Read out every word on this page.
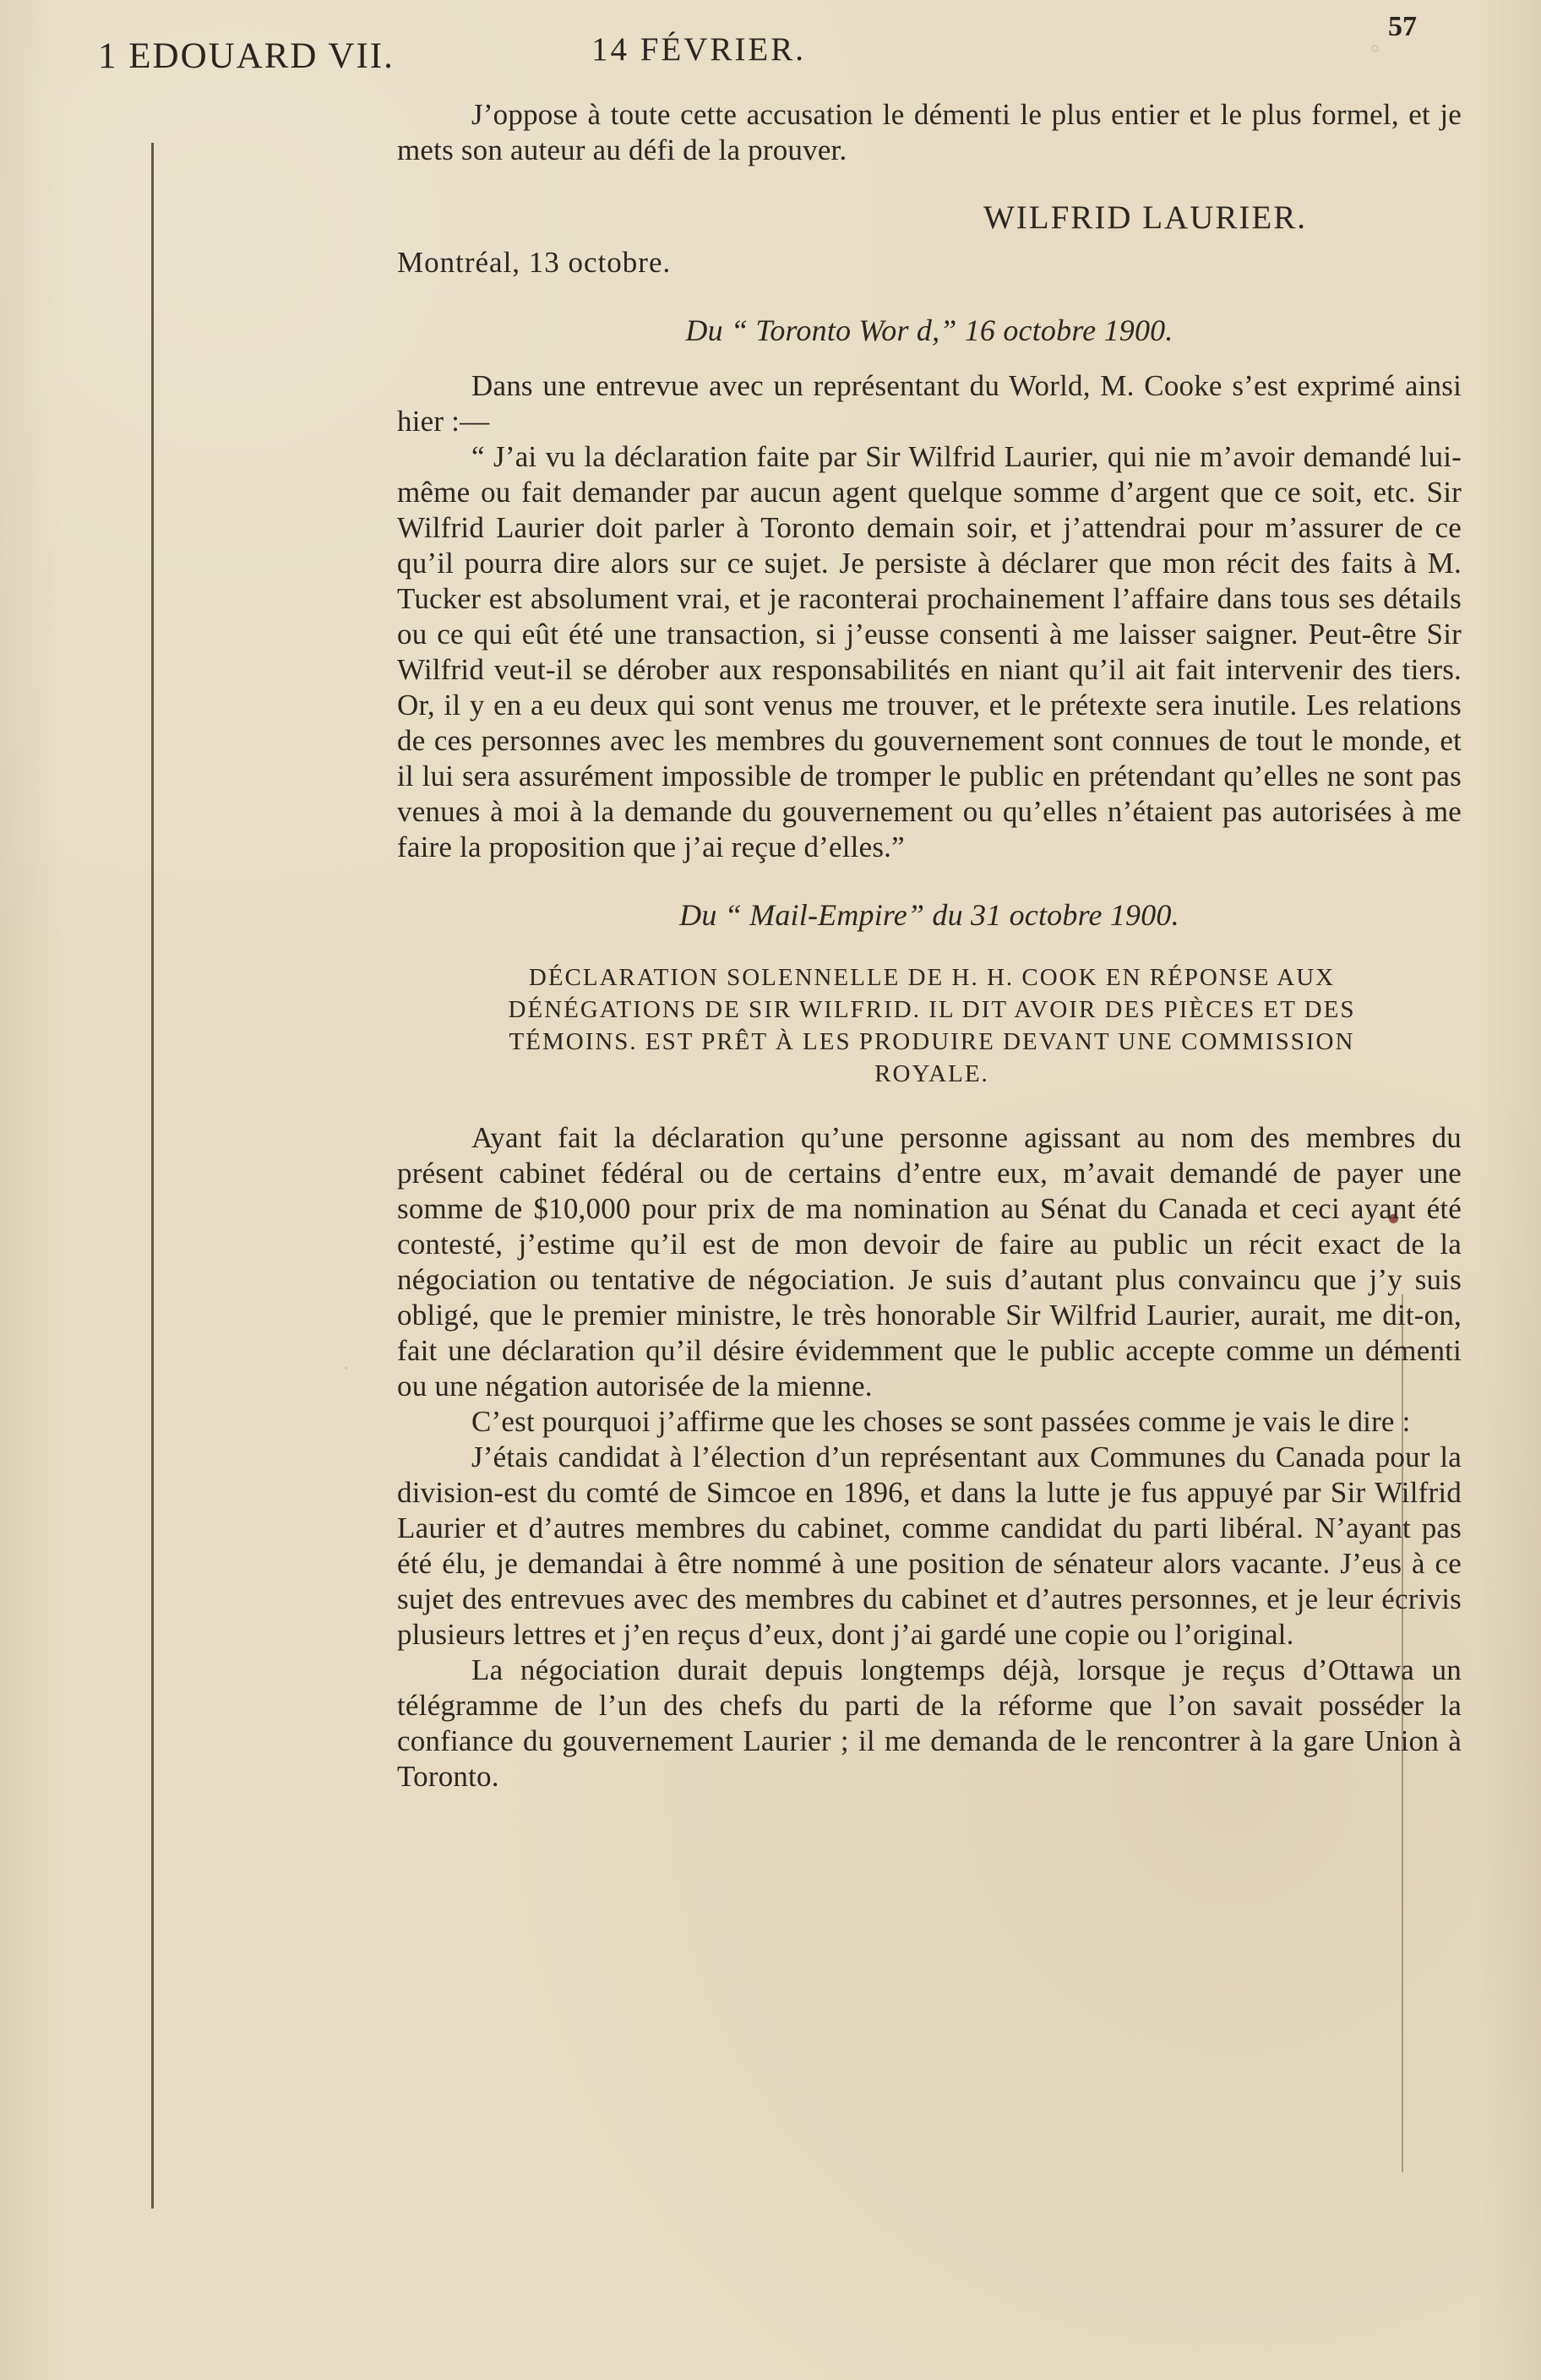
1 EDOUARD VII.	14 FÉVRIER.
57
°
·

J’oppose à toute cette accusation le démenti le plus entier et le plus formel, et je mets son auteur au défi de la prouver.

WILFRID LAURIER.
Montréal, 13 octobre.
Du “ Toronto Wor d,” 16 octobre 1900.

Dans une entrevue avec un représentant du World, M. Cooke s’est exprimé ainsi hier :—

“ J’ai vu la déclaration faite par Sir Wilfrid Laurier, qui nie m’avoir demandé lui-même ou fait demander par aucun agent quelque somme d’argent que ce soit, etc. Sir Wilfrid Laurier doit parler à Toronto demain soir, et j’attendrai pour m’assurer de ce qu’il pourra dire alors sur ce sujet. Je persiste à déclarer que mon récit des faits à M. Tucker est absolument vrai, et je raconterai prochainement l’affaire dans tous ses détails ou ce qui eût été une transaction, si j’eusse consenti à me laisser saigner. Peut-être Sir Wilfrid veut-il se dérober aux responsabilités en niant qu’il ait fait intervenir des tiers. Or, il y en a eu deux qui sont venus me trouver, et le prétexte sera inutile. Les relations de ces personnes avec les membres du gouvernement sont connues de tout le monde, et il lui sera assurément impossible de tromper le public en prétendant qu’elles ne sont pas venues à moi à la demande du gouvernement ou qu’elles n’étaient pas autorisées à me faire la proposition que j’ai reçue d’elles.”

Du “ Mail-Empire” du 31 octobre 1900.
DÉCLARATION SOLENNELLE DE H. H. COOK EN RÉPONSE AUX DÉNÉGATIONS DE SIR WILFRID. IL DIT AVOIR DES PIÈCES ET DES TÉMOINS. EST PRÊT À LES PRODUIRE DEVANT UNE COMMISSION ROYALE.

Ayant fait la déclaration qu’une personne agissant au nom des membres du présent cabinet fédéral ou de certains d’entre eux, m’avait demandé de payer une somme de $10,000 pour prix de ma nomination au Sénat du Canada et ceci ayant été contesté, j’estime qu’il est de mon devoir de faire au public un récit exact de la négociation ou tentative de négociation. Je suis d’autant plus convaincu que j’y suis obligé, que le premier ministre, le très honorable Sir Wilfrid Laurier, aurait, me dit-on, fait une déclaration qu’il désire évidemment que le public accepte comme un démenti ou une négation autorisée de la mienne.

C’est pourquoi j’affirme que les choses se sont passées comme je vais le dire :

J’étais candidat à l’élection d’un représentant aux Communes du Canada pour la division-est du comté de Simcoe en 1896, et dans la lutte je fus appuyé par Sir Wilfrid Laurier et d’autres membres du cabinet, comme candidat du parti libéral. N’ayant pas été élu, je demandai à être nommé à une position de sénateur alors vacante. J’eus à ce sujet des entrevues avec des membres du cabinet et d’autres personnes, et je leur écrivis plusieurs lettres et j’en reçus d’eux, dont j’ai gardé une copie ou l’original.

La négociation durait depuis longtemps déjà, lorsque je reçus d’Ottawa un télégramme de l’un des chefs du parti de la réforme que l’on savait posséder la confiance du gouvernement Laurier ; il me demanda de le rencontrer à la gare Union à Toronto.
